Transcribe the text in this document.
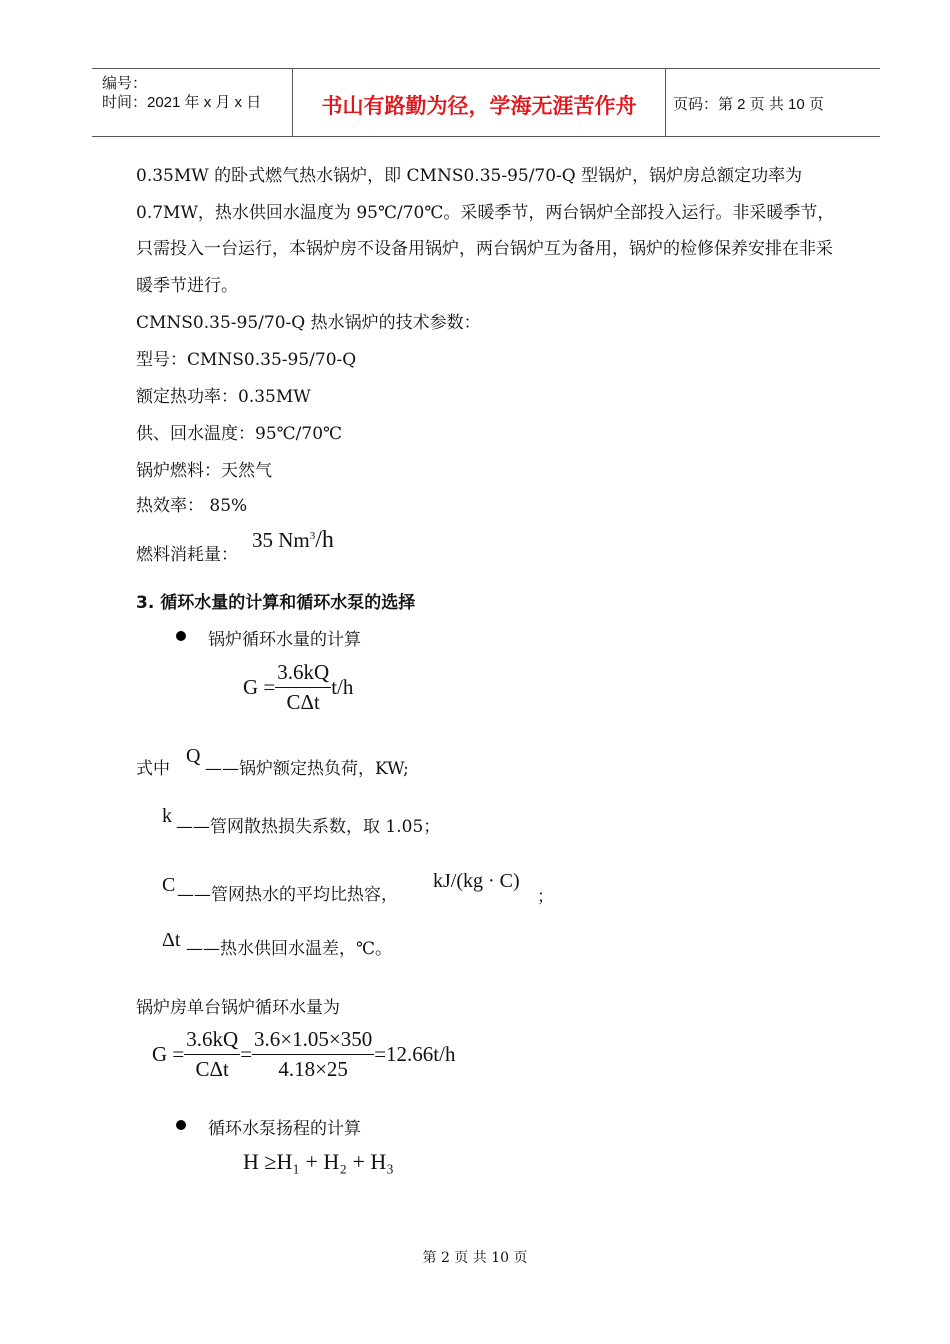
编号：
时间：2021 年 x 月 x 日	书山有路勤为径，学海无涯苦作舟	页码：第 2 页 共 10 页

0.35MW 的卧式燃气热水锅炉，即 CMNS0.35-95/70-Q 型锅炉，锅炉房总额定功率为 0.7MW，热水供回水温度为 95℃/70℃。采暖季节，两台锅炉全部投入运行。非采暖季节，只需投入一台运行，本锅炉房不设备用锅炉，两台锅炉互为备用，锅炉的检修保养安排在非采暖季节进行。

CMNS0.35-95/70-Q 热水锅炉的技术参数：
型号：CMNS0.35-95/70-Q
额定热功率：0.35MW
供、回水温度：95℃/70℃
锅炉燃料：天然气
热效率： 85%
燃料消耗量：
35 Nm$^3$/h
3. 循环水量的计算和循环水泵的选择
锅炉循环水量的计算
$G = \frac{3.6kQ}{\text{CΔt}} t/h$
式中
Q
——锅炉额定热负荷，KW;
k ——管网散热损失系数，取 1.05；
C ——管网热水的平均比热容，
kJ/(kg · C)
；
Δt ——热水供回水温差，℃。
锅炉房单台锅炉循环水量为
$G = \frac{3.6kQ}{\text{CΔt}} = \frac{3.6\times 1.05\times 350}{4.18\times 25} =12.66t/h$
循环水泵扬程的计算
H ≥H₁ + H₂ + H₃
第 2 页 共 10 页
